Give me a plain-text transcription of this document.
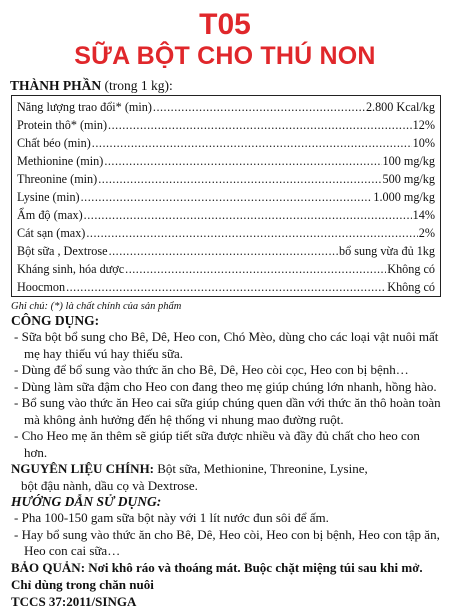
T05
SỮA BỘT CHO THÚ NON
THÀNH PHẦN (trong 1 kg):
Năng lượng trao đổi* (min) .....	2.800 Kcal/kg
Protein thô* (min) .....	12%
Chất béo (min) .....	10%
Methionine (min) .....	100 mg/kg
Threonine (min) .....	500 mg/kg
Lysine (min) .....	1.000 mg/kg
Ẩm độ (max) .....	14%
Cát sạn (max) .....	2%
Bột sữa , Dextrose .....	bổ sung vừa đủ 1kg
Kháng sinh, hóa dược .....	Không có
Hoocmon .....	Không có
Ghi chú: (*) là chất chính của sản phẩm
CÔNG DỤNG:
- Sữa bột bổ sung cho Bê, Dê, Heo con, Chó Mèo, dùng cho các loại vật nuôi mất mẹ hay thiếu vú hay thiếu sữa.
- Dùng để bổ sung vào thức ăn cho Bê, Dê, Heo còi cọc, Heo con bị bệnh…
- Dùng làm sữa đậm cho Heo con đang theo mẹ giúp chúng lớn nhanh, hồng hào.
- Bổ sung vào thức ăn Heo cai sữa giúp chúng quen dần với thức ăn thô hoàn toàn mà không ảnh hưởng đến hệ thống vi nhung mao đường ruột.
- Cho Heo mẹ ăn thêm sẽ giúp tiết sữa được nhiều và đầy đủ chất cho heo con hơn.
NGUYÊN LIỆU CHÍNH: Bột sữa, Methionine, Threonine, Lysine,
bột đậu nành, dầu cọ và Dextrose.
HƯỚNG DẪN SỬ DỤNG:
- Pha 100-150 gam sữa bột này với 1 lít nước đun sôi để ấm.
- Hay bổ sung vào thức ăn cho Bê, Dê, Heo còi, Heo con bị bệnh, Heo con tập ăn, Heo con cai sữa…
BẢO QUẢN: Nơi khô ráo và thoáng mát. Buộc chặt miệng túi sau khi mở.
Chỉ dùng trong chăn nuôi
TCCS 37:2011/SINGA
